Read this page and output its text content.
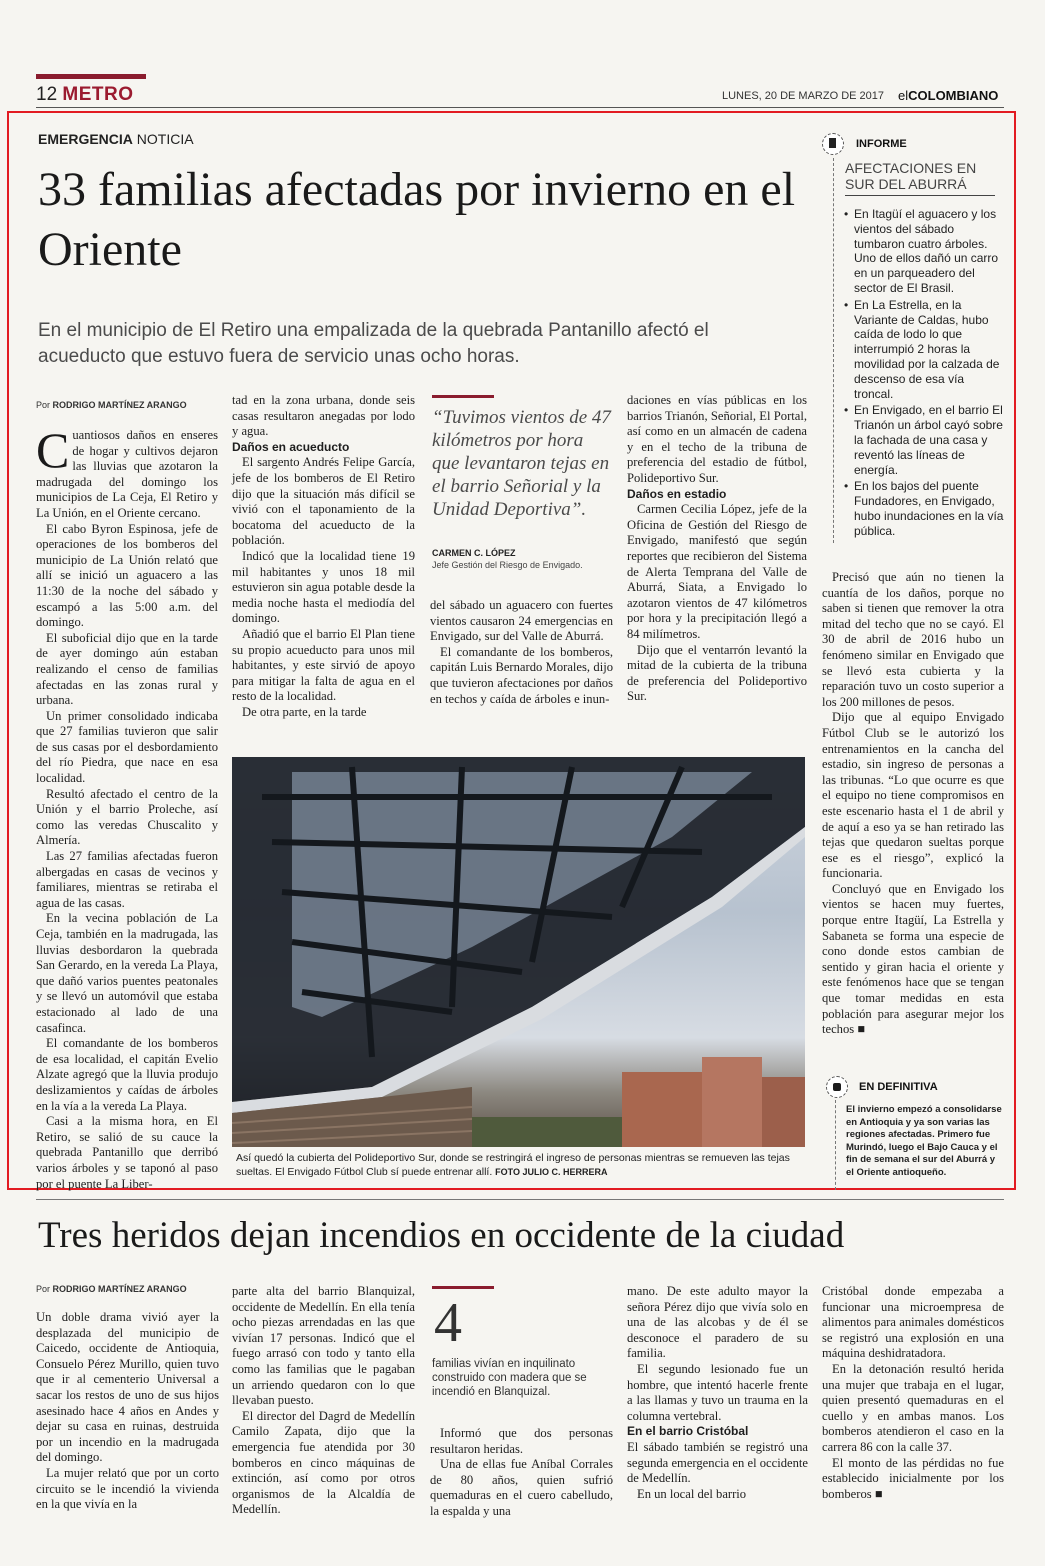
12 METRO	LUNES, 20 DE MARZO DE 2017 elCOLOMBIANO
EMERGENCIA NOTICIA
33 familias afectadas por invierno en el Oriente
En el municipio de El Retiro una empalizada de la quebrada Pantanillo afectó el acueducto que estuvo fuera de servicio unas ocho horas.
Por RODRIGO MARTÍNEZ ARANGO

Cuantiosos daños en enseres de hogar y cultivos dejaron las lluvias que azotaron la madrugada del domingo los municipios de La Ceja, El Retiro y La Unión, en el Oriente cercano.

El cabo Byron Espinosa, jefe de operaciones de los bomberos del municipio de La Unión relató que allí se inició un aguacero a las 11:30 de la noche del sábado y escampó a las 5:00 a.m. del domingo.

El suboficial dijo que en la tarde de ayer domingo aún estaban realizando el censo de familias afectadas en las zonas rural y urbana.

Un primer consolidado indicaba que 27 familias tuvieron que salir de sus casas por el desbordamiento del río Piedra, que nace en esa localidad.

Resultó afectado el centro de la Unión y el barrio Proleche, así como las veredas Chuscalito y Almería.

Las 27 familias afectadas fueron albergadas en casas de vecinos y familiares, mientras se retiraba el agua de las casas.

En la vecina población de La Ceja, también en la madrugada, las lluvias desbordaron la quebrada San Gerardo, en la vereda La Playa, que dañó varios puentes peatonales y se llevó un automóvil que estaba estacionado al lado de una casafinca.

El comandante de los bomberos de esa localidad, el capitán Evelio Alzate agregó que la lluvia produjo deslizamientos y caídas de árboles en la vía a la vereda La Playa.

Casi a la misma hora, en El Retiro, se salió de su cauce la quebrada Pantanillo que derribó varios árboles y se taponó al paso por el puente La Liber-

tad en la zona urbana, donde seis casas resultaron anegadas por lodo y agua.

Daños en acueducto

El sargento Andrés Felipe García, jefe de los bomberos de El Retiro dijo que la situación más difícil se vivió con el taponamiento de la bocatoma del acueducto de la población.

Indicó que la localidad tiene 19 mil habitantes y unos 18 mil estuvieron sin agua potable desde la media noche hasta el mediodía del domingo.

Añadió que el barrio El Plan tiene su propio acueducto para unos mil habitantes, y este sirvió de apoyo para mitigar la falta de agua en el resto de la localidad.

De otra parte, en la tarde

“Tuvimos vientos de 47 kilómetros por hora que levantaron tejas en el barrio Señorial y la Unidad Deportiva”.
CARMEN C. LÓPEZ
Jefe Gestión del Riesgo de Envigado.

del sábado un aguacero con fuertes vientos causaron 24 emergencias en Envigado, sur del Valle de Aburrá.

El comandante de los bomberos, capitán Luis Bernardo Morales, dijo que tuvieron afectaciones por daños en techos y caída de árboles e inun-

daciones en vías públicas en los barrios Trianón, Señorial, El Portal, así como en un almacén de cadena y en el techo de la tribuna de preferencia del estadio de fútbol, Polideportivo Sur.

Daños en estadio

Carmen Cecilia López, jefe de la Oficina de Gestión del Riesgo de Envigado, manifestó que según reportes que recibieron del Sistema de Alerta Temprana del Valle de Aburrá, Siata, a Envigado lo azotaron vientos de 47 kilómetros por hora y la precipitación llegó a 84 milímetros.

Dijo que el ventarrón levantó la mitad de la cubierta de la tribuna de preferencia del Polideportivo Sur.

Precisó que aún no tienen la cuantía de los daños, porque no saben si tienen que remover la otra mitad del techo que no se cayó. El 30 de abril de 2016 hubo un fenómeno similar en Envigado que se llevó esta cubierta y la reparación tuvo un costo superior a los 200 millones de pesos.

Dijo que al equipo Envigado Fútbol Club se le autorizó los entrenamientos en la cancha del estadio, sin ingreso de personas a las tribunas. “Lo que ocurre es que el equipo no tiene compromisos en este escenario hasta el 1 de abril y de aquí a eso ya se han retirado las tejas que quedaron sueltas porque ese es el riesgo”, explicó la funcionaria.

Concluyó que en Envigado los vientos se hacen muy fuertes, porque entre Itagüí, La Estrella y Sabaneta se forma una especie de cono donde estos cambian de sentido y giran hacia el oriente y este fenómenos hace que se tengan que tomar medidas en esta población para asegurar mejor los techos ■

INFORME
AFECTACIONES EN SUR DEL ABURRÁ
• En Itagüí el aguacero y los vientos del sábado tumbaron cuatro árboles. Uno de ellos dañó un carro en un parqueadero del sector de El Brasil.
• En La Estrella, en la Variante de Caldas, hubo caída de lodo lo que interrumpió 2 horas la movilidad por la calzada de descenso de esa vía troncal.
• En Envigado, en el barrio El Trianón un árbol cayó sobre la fachada de una casa y reventó las líneas de energía.
• En los bajos del puente Fundadores, en Envigado, hubo inundaciones en la vía pública.
Así quedó la cubierta del Polideportivo Sur, donde se restringirá el ingreso de personas mientras se remueven las tejas sueltas. El Envigado Fútbol Club sí puede entrenar allí. FOTO JULIO C. HERRERA
EN DEFINITIVA
El invierno empezó a consolidarse en Antioquia y ya son varias las regiones afectadas. Primero fue Murindó, luego el Bajo Cauca y el fin de semana el sur del Aburrá y el Oriente antioqueño.
Tres heridos dejan incendios en occidente de la ciudad
Por RODRIGO MARTÍNEZ ARANGO

Un doble drama vivió ayer la desplazada del municipio de Caicedo, occidente de Antioquia, Consuelo Pérez Murillo, quien tuvo que ir al cementerio Universal a sacar los restos de uno de sus hijos asesinado hace 4 años en Andes y dejar su casa en ruinas, destruida por un incendio en la madrugada del domingo.

La mujer relató que por un corto circuito se le incendió la vivienda en la que vivía en la

parte alta del barrio Blanquizal, occidente de Medellín. En ella tenía ocho piezas arrendadas en las que vivían 17 personas. Indicó que el fuego arrasó con todo y tanto ella como las familias que le pagaban un arriendo quedaron con lo que llevaban puesto.

El director del Dagrd de Medellín Camilo Zapata, dijo que la emergencia fue atendida por 30 bomberos en cinco máquinas de extinción, así como por otros organismos de la Alcaldía de Medellín.

4
familias vivían en inquilinato construido con madera que se incendió en Blanquizal.

Informó que dos personas resultaron heridas.

Una de ellas fue Aníbal Corrales de 80 años, quien sufrió quemaduras en el cuero cabelludo, la espalda y una

mano. De este adulto mayor la señora Pérez dijo que vivía solo en una de las alcobas y de él se desconoce el paradero de su familia.

El segundo lesionado fue un hombre, que intentó hacerle frente a las llamas y tuvo un trauma en la columna vertebral.

En el barrio Cristóbal

El sábado también se registró una segunda emergencia en el occidente de Medellín.

En un local del barrio

Cristóbal donde empezaba a funcionar una microempresa de alimentos para animales domésticos se registró una explosión en una máquina deshidratadora.

En la detonación resultó herida una mujer que trabaja en el lugar, quien presentó quemaduras en el cuello y en ambas manos. Los bomberos atendieron el caso en la carrera 86 con la calle 37.

El monto de las pérdidas no fue establecido inicialmente por los bomberos ■
